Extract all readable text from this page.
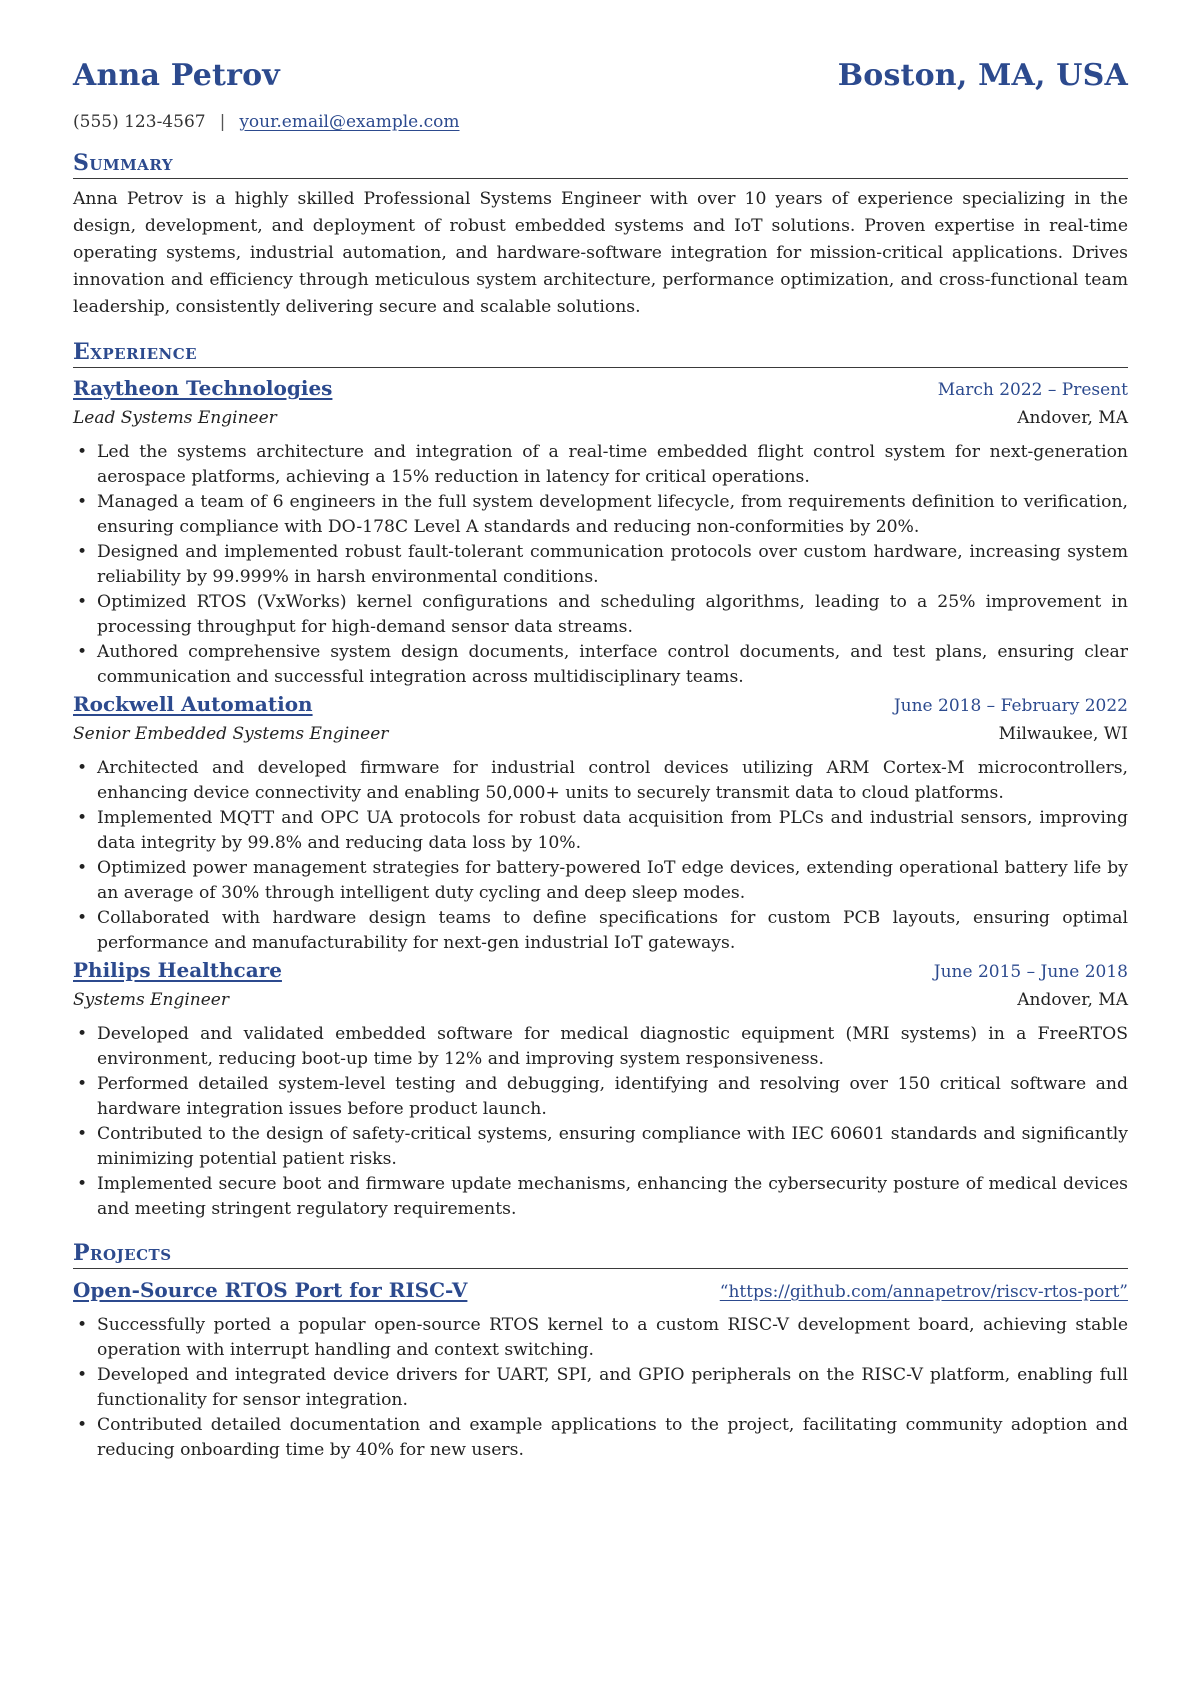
Anna Petrov	Boston, MA, USA
(555) 123-4567 | your.email@example.com
Summary

Anna Petrov is a highly skilled Professional Systems Engineer with over 10 years of experience specializing in the design, development, and deployment of robust embedded systems and IoT solutions. Proven expertise in real-time operating systems, industrial automation, and hardware-software integration for mission-critical applications. Drives innovation and efficiency through meticulous system architecture, performance optimization, and cross-functional team leadership, consistently delivering secure and scalable solutions.

Experience
Raytheon Technologies	March 2022 – Present
Lead Systems Engineer	Andover, MA
• Led the systems architecture and integration of a real-time embedded flight control system for next-generation aerospace platforms, achieving a 15% reduction in latency for critical operations.
• Managed a team of 6 engineers in the full system development lifecycle, from requirements definition to verification, ensuring compliance with DO-178C Level A standards and reducing non-conformities by 20%.
• Designed and implemented robust fault-tolerant communication protocols over custom hardware, increasing system reliability by 99.999% in harsh environmental conditions.
• Optimized RTOS (VxWorks) kernel configurations and scheduling algorithms, leading to a 25% improvement in processing throughput for high-demand sensor data streams.
• Authored comprehensive system design documents, interface control documents, and test plans, ensuring clear communication and successful integration across multidisciplinary teams.
Rockwell Automation	June 2018 – February 2022
Senior Embedded Systems Engineer	Milwaukee, WI
• Architected and developed firmware for industrial control devices utilizing ARM Cortex-M microcontrollers, enhancing device connectivity and enabling 50,000+ units to securely transmit data to cloud platforms.
• Implemented MQTT and OPC UA protocols for robust data acquisition from PLCs and industrial sensors, improving data integrity by 99.8% and reducing data loss by 10%.
• Optimized power management strategies for battery-powered IoT edge devices, extending operational battery life by an average of 30% through intelligent duty cycling and deep sleep modes.
• Collaborated with hardware design teams to define specifications for custom PCB layouts, ensuring optimal performance and manufacturability for next-gen industrial IoT gateways.
Philips Healthcare	June 2015 – June 2018
Systems Engineer	Andover, MA
• Developed and validated embedded software for medical diagnostic equipment (MRI systems) in a FreeRTOS environment, reducing boot-up time by 12% and improving system responsiveness.
• Performed detailed system-level testing and debugging, identifying and resolving over 150 critical software and hardware integration issues before product launch.
• Contributed to the design of safety-critical systems, ensuring compliance with IEC 60601 standards and significantly minimizing potential patient risks.
• Implemented secure boot and firmware update mechanisms, enhancing the cybersecurity posture of medical devices and meeting stringent regulatory requirements.
Projects
Open-Source RTOS Port for RISC-V	“https://github.com/annapetrov/riscv-rtos-port”
• Successfully ported a popular open-source RTOS kernel to a custom RISC-V development board, achieving stable operation with interrupt handling and context switching.
• Developed and integrated device drivers for UART, SPI, and GPIO peripherals on the RISC-V platform, enabling full functionality for sensor integration.
• Contributed detailed documentation and example applications to the project, facilitating community adoption and reducing onboarding time by 40% for new users.
